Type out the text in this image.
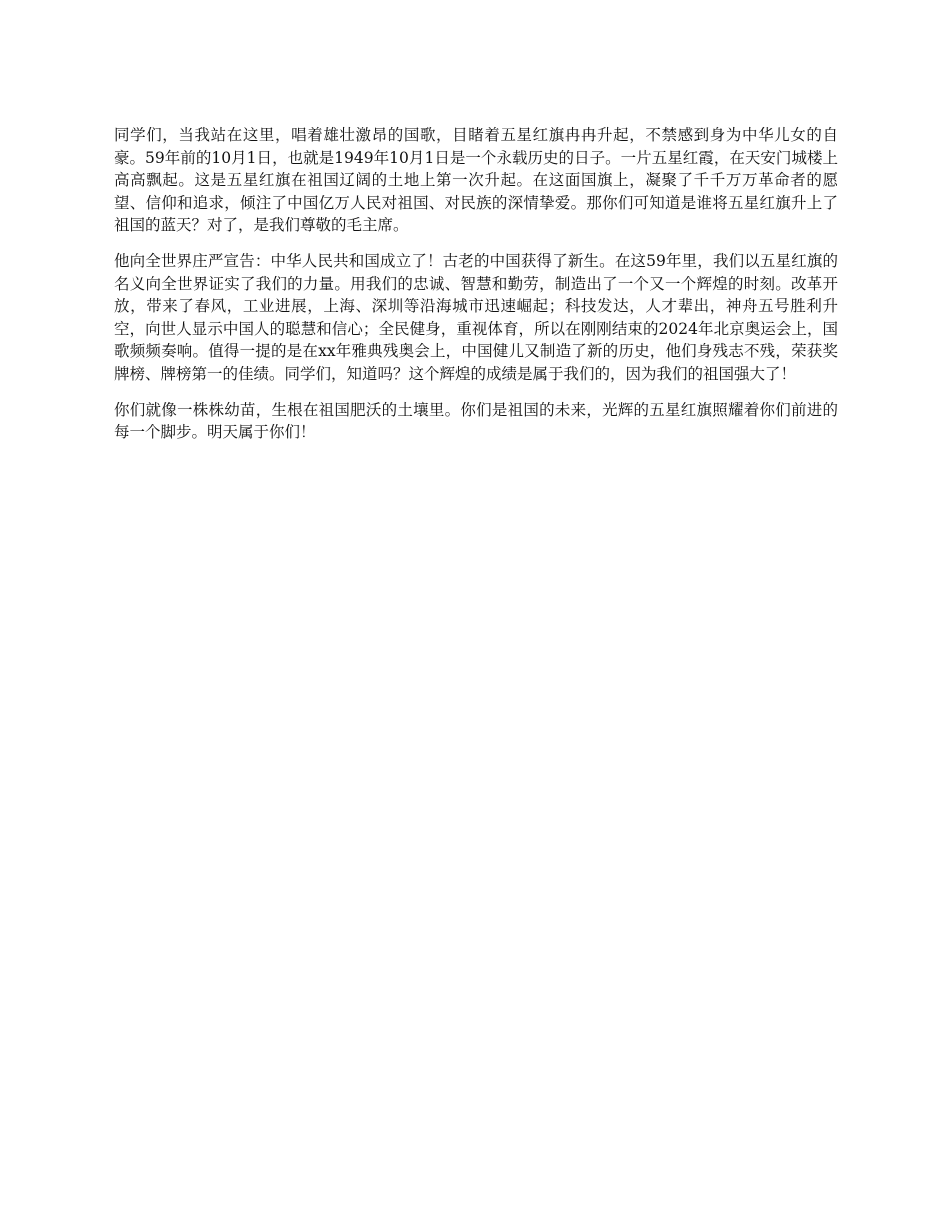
同学们，当我站在这里，唱着雄壮激昂的国歌，目睹着五星红旗冉冉升起，不禁感到身为中华儿女的自豪。59年前的10月1日，也就是1949年10月1日是一个永载历史的日子。一片五星红霞，在天安门城楼上高高飘起。这是五星红旗在祖国辽阔的土地上第一次升起。在这面国旗上，凝聚了千千万万革命者的愿望、信仰和追求，倾注了中国亿万人民对祖国、对民族的深情挚爱。那你们可知道是谁将五星红旗升上了祖国的蓝天？对了，是我们尊敬的毛主席。

他向全世界庄严宣告：中华人民共和国成立了！古老的中国获得了新生。在这59年里，我们以五星红旗的名义向全世界证实了我们的力量。用我们的忠诚、智慧和勤劳，制造出了一个又一个辉煌的时刻。改革开放，带来了春风，工业进展，上海、深圳等沿海城市迅速崛起；科技发达，人才辈出，神舟五号胜利升空，向世人显示中国人的聪慧和信心；全民健身，重视体育，所以在刚刚结束的2024年北京奥运会上，国歌频频奏响。值得一提的是在xx年雅典残奥会上，中国健儿又制造了新的历史，他们身残志不残，荣获奖牌榜、牌榜第一的佳绩。同学们，知道吗？这个辉煌的成绩是属于我们的，因为我们的祖国强大了！

你们就像一株株幼苗，生根在祖国肥沃的土壤里。你们是祖国的未来，光辉的五星红旗照耀着你们前进的每一个脚步。明天属于你们！
